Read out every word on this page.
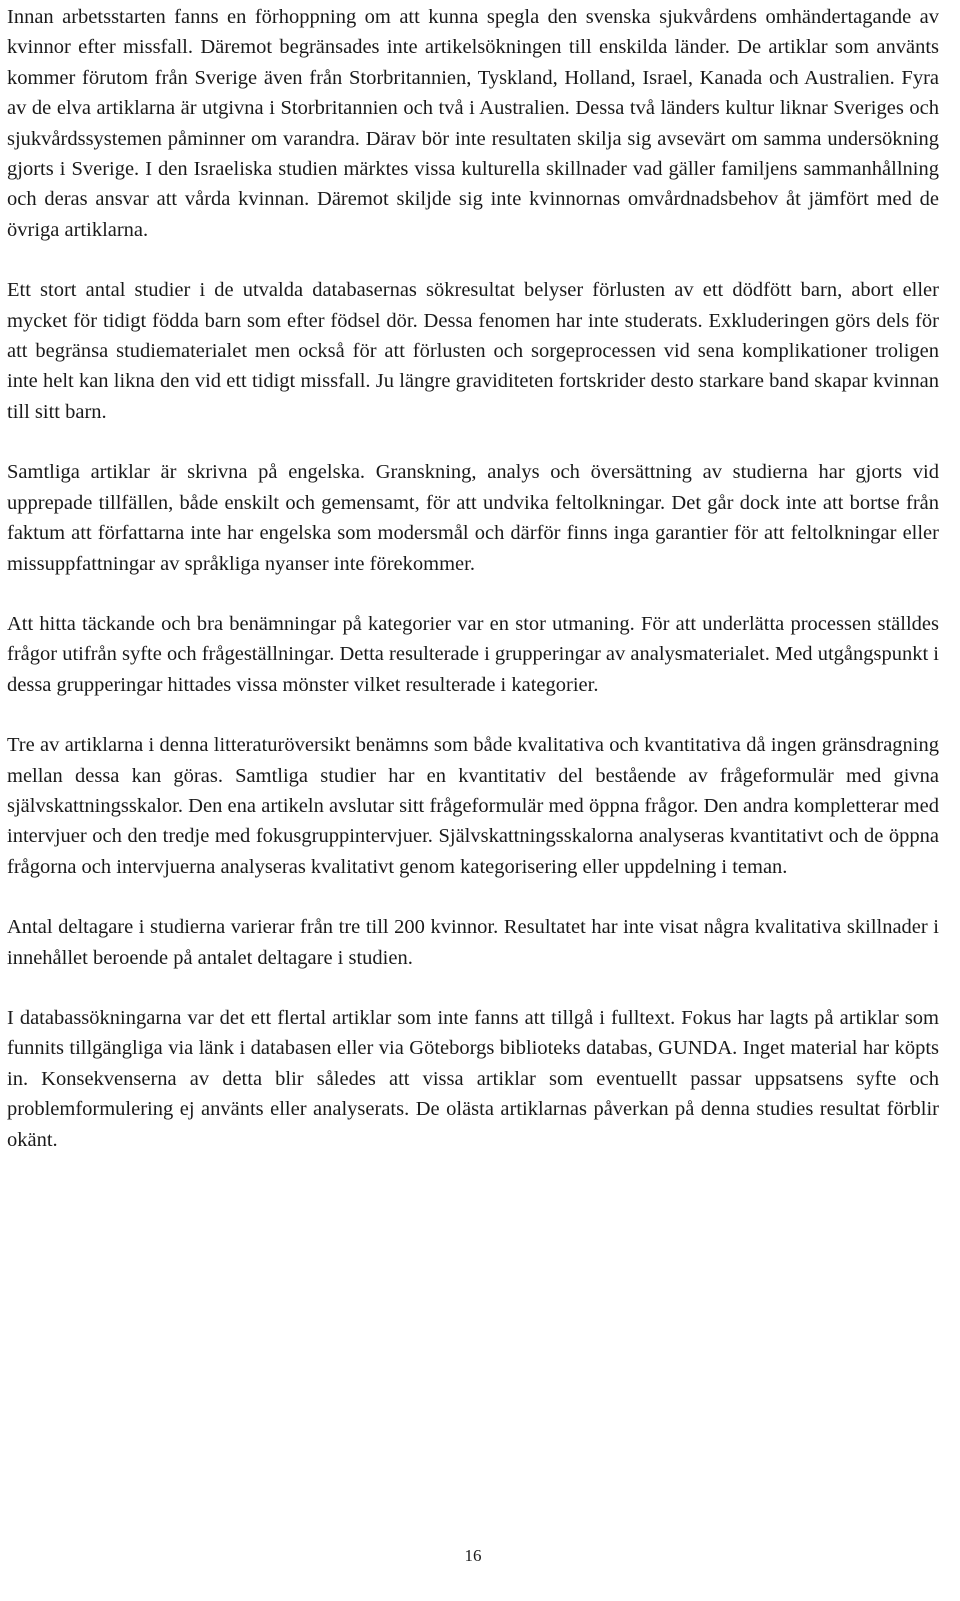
Innan arbetsstarten fanns en förhoppning om att kunna spegla den svenska sjukvårdens omhändertagande av kvinnor efter missfall. Däremot begränsades inte artikelsökningen till enskilda länder. De artiklar som använts kommer förutom från Sverige även från Storbritannien, Tyskland, Holland, Israel, Kanada och Australien. Fyra av de elva artiklarna är utgivna i Storbritannien och två i Australien. Dessa två länders kultur liknar Sveriges och sjukvårdssystemen påminner om varandra. Därav bör inte resultaten skilja sig avsevärt om samma undersökning gjorts i Sverige. I den Israeliska studien märktes vissa kulturella skillnader vad gäller familjens sammanhållning och deras ansvar att vårda kvinnan. Däremot skiljde sig inte kvinnornas omvårdnadsbehov åt jämfört med de övriga artiklarna.

Ett stort antal studier i de utvalda databasernas sökresultat belyser förlusten av ett dödfött barn, abort eller mycket för tidigt födda barn som efter födsel dör. Dessa fenomen har inte studerats. Exkluderingen görs dels för att begränsa studiematerialet men också för att förlusten och sorgeprocessen vid sena komplikationer troligen inte helt kan likna den vid ett tidigt missfall. Ju längre graviditeten fortskrider desto starkare band skapar kvinnan till sitt barn.

Samtliga artiklar är skrivna på engelska. Granskning, analys och översättning av studierna har gjorts vid upprepade tillfällen, både enskilt och gemensamt, för att undvika feltolkningar. Det går dock inte att bortse från faktum att författarna inte har engelska som modersmål och därför finns inga garantier för att feltolkningar eller missuppfattningar av språkliga nyanser inte förekommer.

Att hitta täckande och bra benämningar på kategorier var en stor utmaning. För att underlätta processen ställdes frågor utifrån syfte och frågeställningar. Detta resulterade i grupperingar av analysmaterialet. Med utgångspunkt i dessa grupperingar hittades vissa mönster vilket resulterade i kategorier.

Tre av artiklarna i denna litteraturöversikt benämns som både kvalitativa och kvantitativa då ingen gränsdragning mellan dessa kan göras. Samtliga studier har en kvantitativ del bestående av frågeformulär med givna självskattningsskalor. Den ena artikeln avslutar sitt frågeformulär med öppna frågor. Den andra kompletterar med intervjuer och den tredje med fokusgruppintervjuer. Självskattningsskalorna analyseras kvantitativt och de öppna frågorna och intervjuerna analyseras kvalitativt genom kategorisering eller uppdelning i teman.

Antal deltagare i studierna varierar från tre till 200 kvinnor. Resultatet har inte visat några kvalitativa skillnader i innehållet beroende på antalet deltagare i studien.

I databassökningarna var det ett flertal artiklar som inte fanns att tillgå i fulltext. Fokus har lagts på artiklar som funnits tillgängliga via länk i databasen eller via Göteborgs biblioteks databas, GUNDA. Inget material har köpts in. Konsekvenserna av detta blir således att vissa artiklar som eventuellt passar uppsatsens syfte och problemformulering ej använts eller analyserats. De olästa artiklarnas påverkan på denna studies resultat förblir okänt.

16
